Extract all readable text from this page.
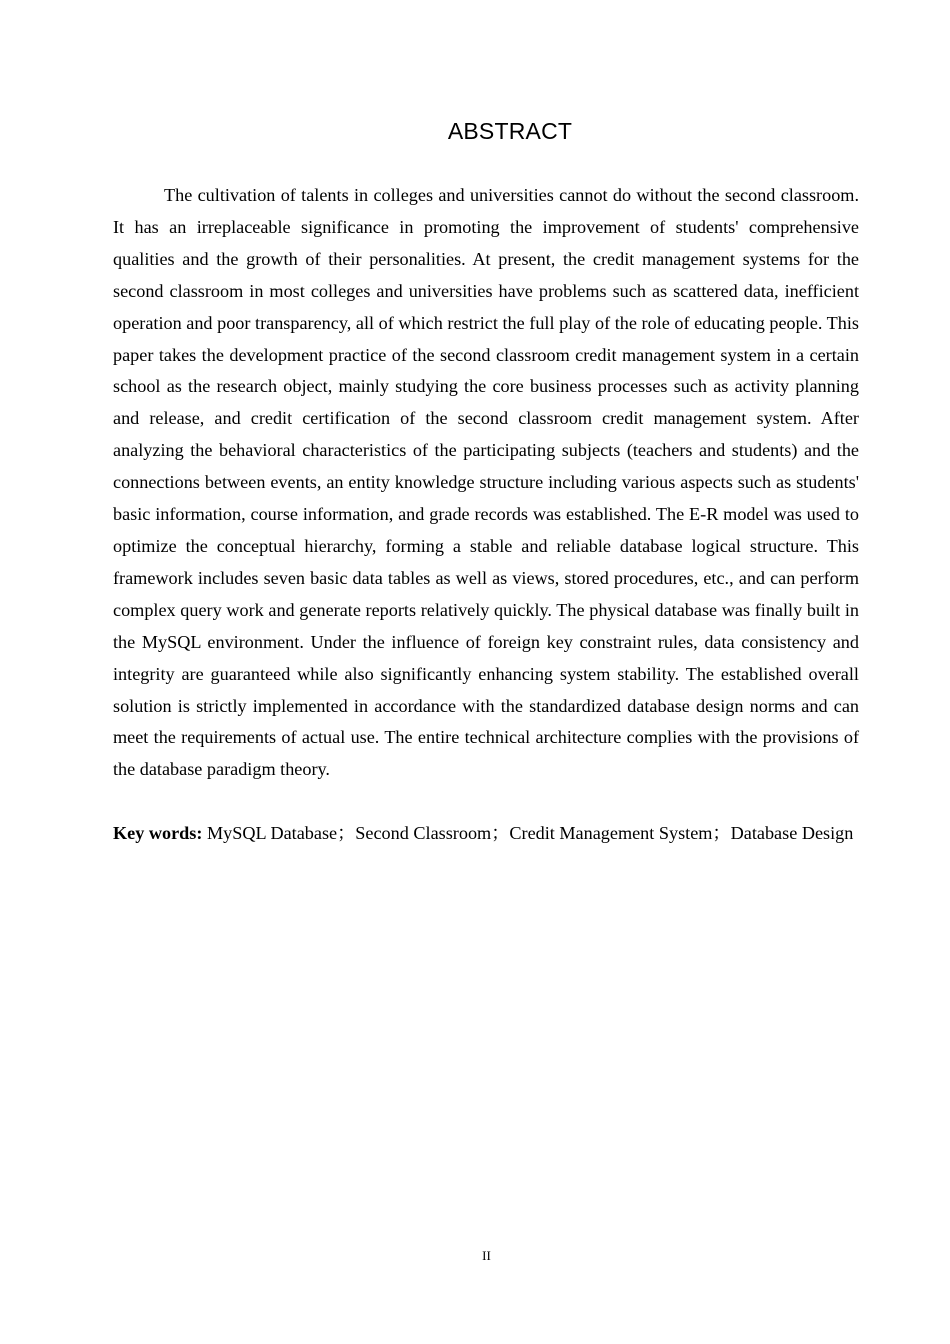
ABSTRACT

The cultivation of talents in colleges and universities cannot do without the second classroom. It has an irreplaceable significance in promoting the improvement of students' comprehensive qualities and the growth of their personalities. At present, the credit management systems for the second classroom in most colleges and universities have problems such as scattered data, inefficient operation and poor transparency, all of which restrict the full play of the role of educating people. This paper takes the development practice of the second classroom credit management system in a certain school as the research object, mainly studying the core business processes such as activity planning and release, and credit certification of the second classroom credit management system. After analyzing the behavioral characteristics of the participating subjects (teachers and students) and the connections between events, an entity knowledge structure including various aspects such as students' basic information, course information, and grade records was established. The E-R model was used to optimize the conceptual hierarchy, forming a stable and reliable database logical structure. This framework includes seven basic data tables as well as views, stored procedures, etc., and can perform complex query work and generate reports relatively quickly. The physical database was finally built in the MySQL environment. Under the influence of foreign key constraint rules, data consistency and integrity are guaranteed while also significantly enhancing system stability. The established overall solution is strictly implemented in accordance with the standardized database design norms and can meet the requirements of actual use. The entire technical architecture complies with the provisions of the database paradigm theory.

Key words: MySQL Database；Second Classroom；Credit Management System；Database Design

II
